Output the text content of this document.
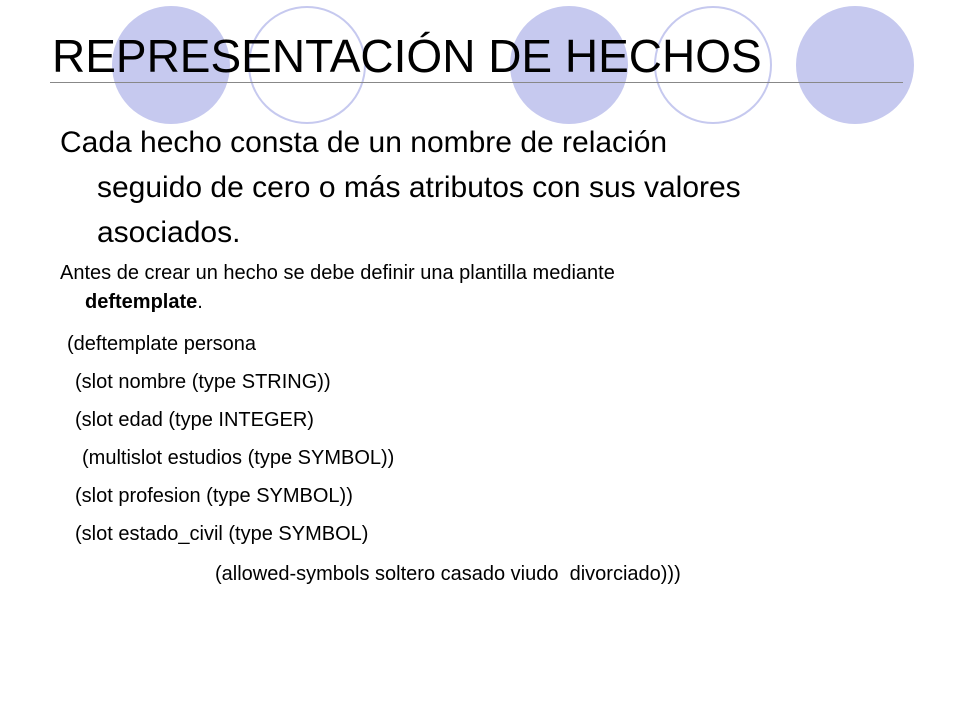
REPRESENTACIÓN DE HECHOS
Cada hecho consta de un nombre de relación
seguido de cero o más atributos con sus valores
asociados.
Antes de crear un hecho se debe definir una plantilla mediante
deftemplate.
(deftemplate persona
(slot nombre (type STRING))
(slot edad (type INTEGER)
(multislot estudios (type SYMBOL))
(slot profesion (type SYMBOL))
(slot estado_civil (type SYMBOL)
(allowed-symbols soltero casado viudo  divorciado)))
